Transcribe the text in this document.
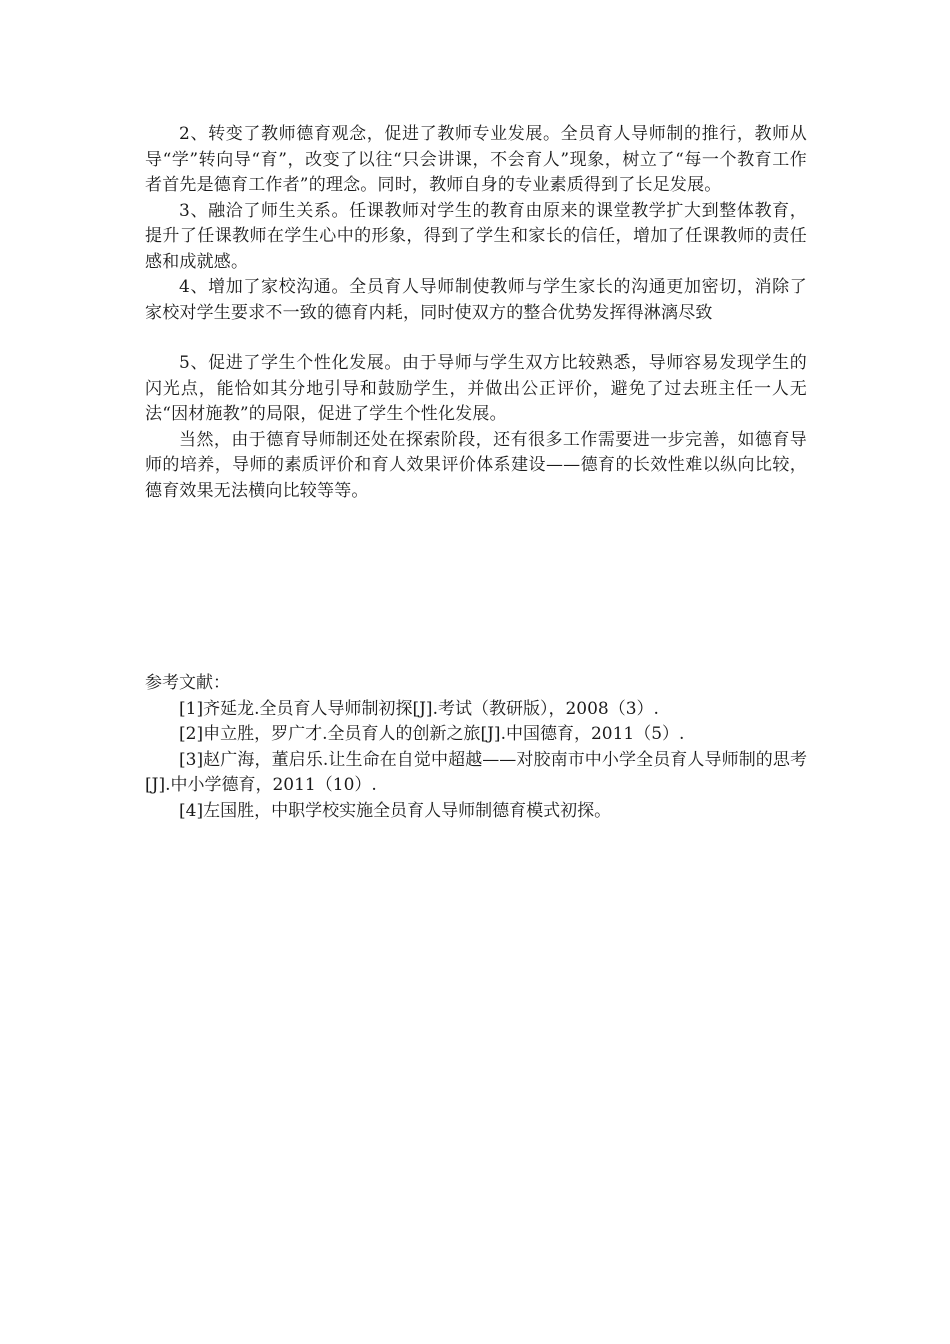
2、转变了教师德育观念，促进了教师专业发展。全员育人导师制的推行，教师从导“学”转向导“育”，改变了以往“只会讲课，不会育人”现象，树立了“每一个教育工作者首先是德育工作者”的理念。同时，教师自身的专业素质得到了长足发展。

3、融洽了师生关系。任课教师对学生的教育由原来的课堂教学扩大到整体教育，提升了任课教师在学生心中的形象，得到了学生和家长的信任，增加了任课教师的责任感和成就感。

4、增加了家校沟通。全员育人导师制使教师与学生家长的沟通更加密切，消除了家校对学生要求不一致的德育内耗，同时使双方的整合优势发挥得淋漓尽致

5、促进了学生个性化发展。由于导师与学生双方比较熟悉，导师容易发现学生的闪光点，能恰如其分地引导和鼓励学生，并做出公正评价，避免了过去班主任一人无法“因材施教”的局限，促进了学生个性化发展。

当然，由于德育导师制还处在探索阶段，还有很多工作需要进一步完善，如德育导师的培养，导师的素质评价和育人效果评价体系建设——德育的长效性难以纵向比较，德育效果无法横向比较等等。

参考文献：

[1]齐延龙.全员育人导师制初探[J].考试（教研版），2008（3）.

[2]申立胜，罗广才.全员育人的创新之旅[J].中国德育，2011（5）.

[3]赵广海，董启乐.让生命在自觉中超越——对胶南市中小学全员育人导师制的思考[J].中小学德育，2011（10）.

[4]左国胜，中职学校实施全员育人导师制德育模式初探。
